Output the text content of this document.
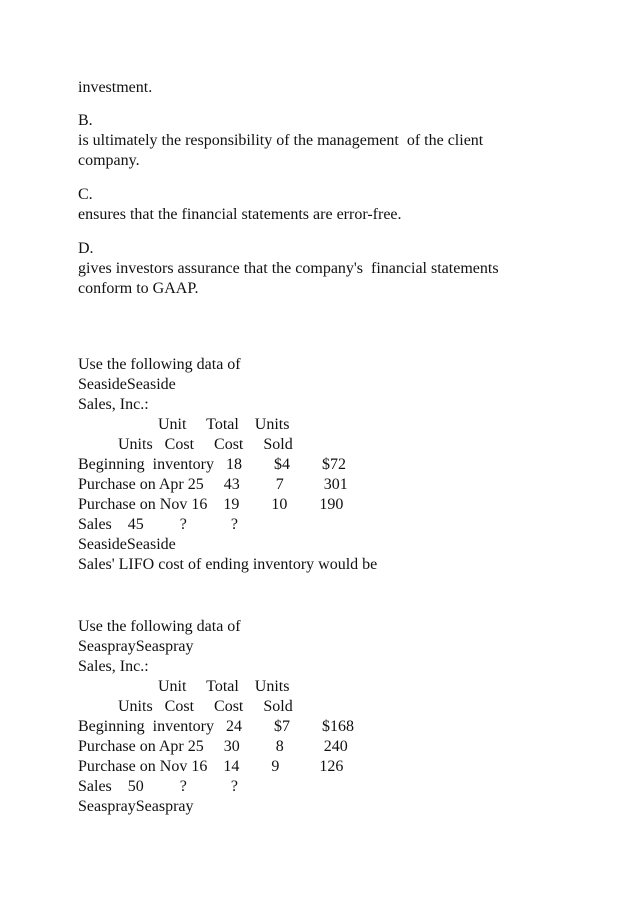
investment.
B.
is ultimately the responsibility of the management  of the client
company.
C.
ensures that the financial statements are error-free.
D.
gives investors assurance that the company's  financial statements
conform to GAAP.
Use the following data of
SeasideSeaside
Sales, Inc.:
Unit     Total    Units
Units   Cost     Cost     Sold
Beginning  inventory   18        $4        $72
Purchase on Apr 25     43         7          301
Purchase on Nov 16    19        10        190
Sales    45         ?           ?
SeasideSeaside
Sales' LIFO cost of ending inventory would be
Use the following data of
SeaspraySeaspray
Sales, Inc.:
Unit     Total    Units
Units   Cost     Cost     Sold
Beginning  inventory   24        $7        $168
Purchase on Apr 25     30         8          240
Purchase on Nov 16    14        9          126
Sales    50         ?           ?
SeaspraySeaspray
